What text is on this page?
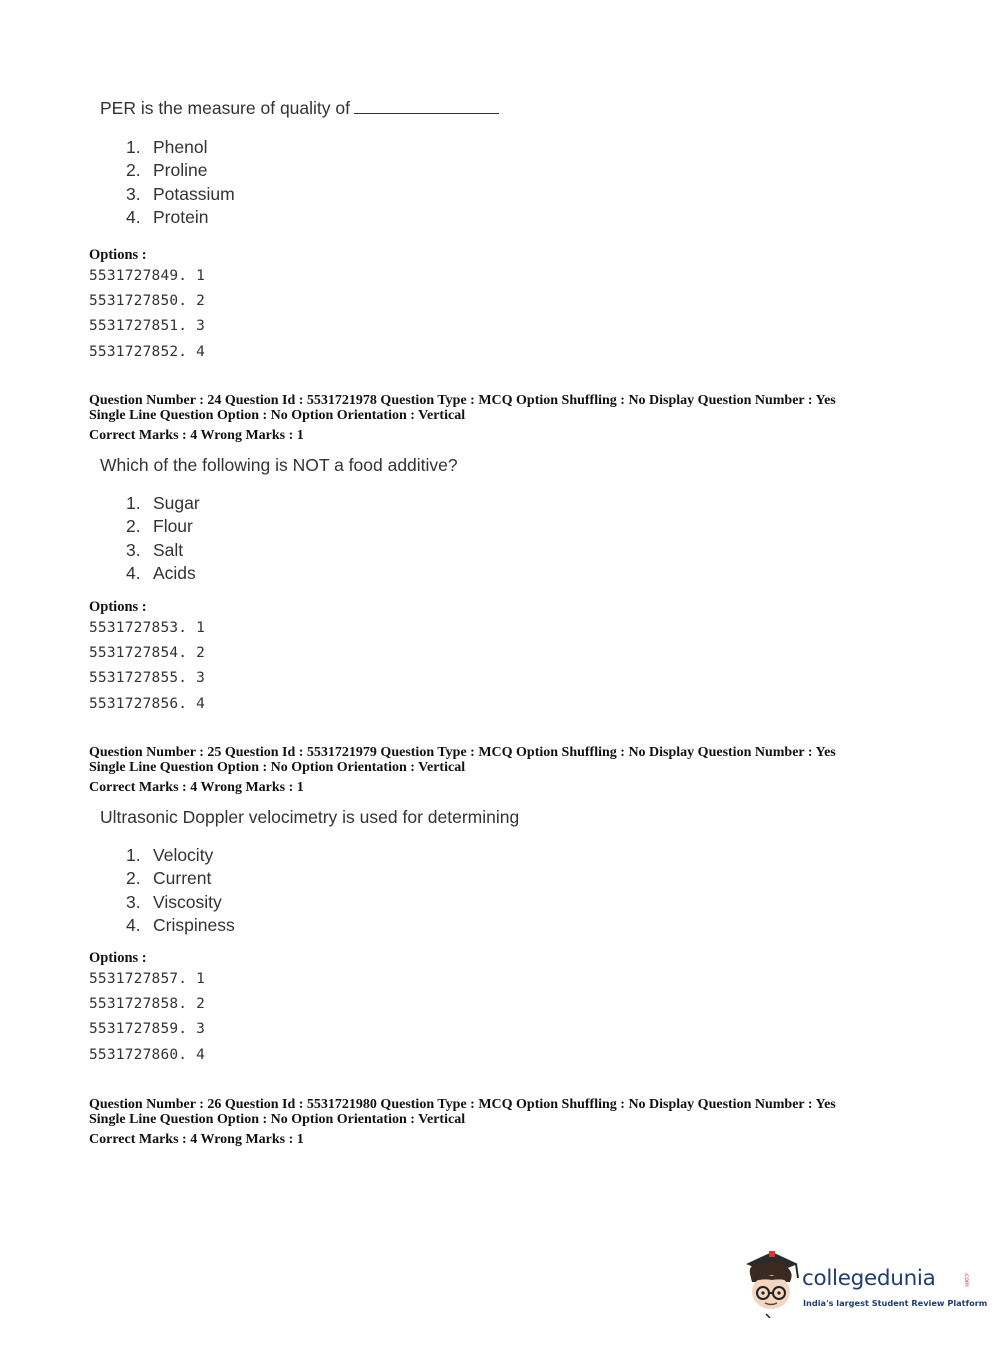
PER is the measure of quality of
1. Phenol
2. Proline
3. Potassium
4. Protein
Options :
5531727849. 1
5531727850. 2
5531727851. 3
5531727852. 4
Question Number : 24 Question Id : 5531721978 Question Type : MCQ Option Shuffling : No Display Question Number : Yes
Single Line Question Option : No Option Orientation : Vertical
Correct Marks : 4 Wrong Marks : 1
Which of the following is NOT a food additive?
1. Sugar
2. Flour
3. Salt
4. Acids
Options :
5531727853. 1
5531727854. 2
5531727855. 3
5531727856. 4
Question Number : 25 Question Id : 5531721979 Question Type : MCQ Option Shuffling : No Display Question Number : Yes
Single Line Question Option : No Option Orientation : Vertical
Correct Marks : 4 Wrong Marks : 1
Ultrasonic Doppler velocimetry is used for determining
1. Velocity
2. Current
3. Viscosity
4. Crispiness
Options :
5531727857. 1
5531727858. 2
5531727859. 3
5531727860. 4
Question Number : 26 Question Id : 5531721980 Question Type : MCQ Option Shuffling : No Display Question Number : Yes
Single Line Question Option : No Option Orientation : Vertical
Correct Marks : 4 Wrong Marks : 1
collegedunia	.com
India's largest Student Review Platform
